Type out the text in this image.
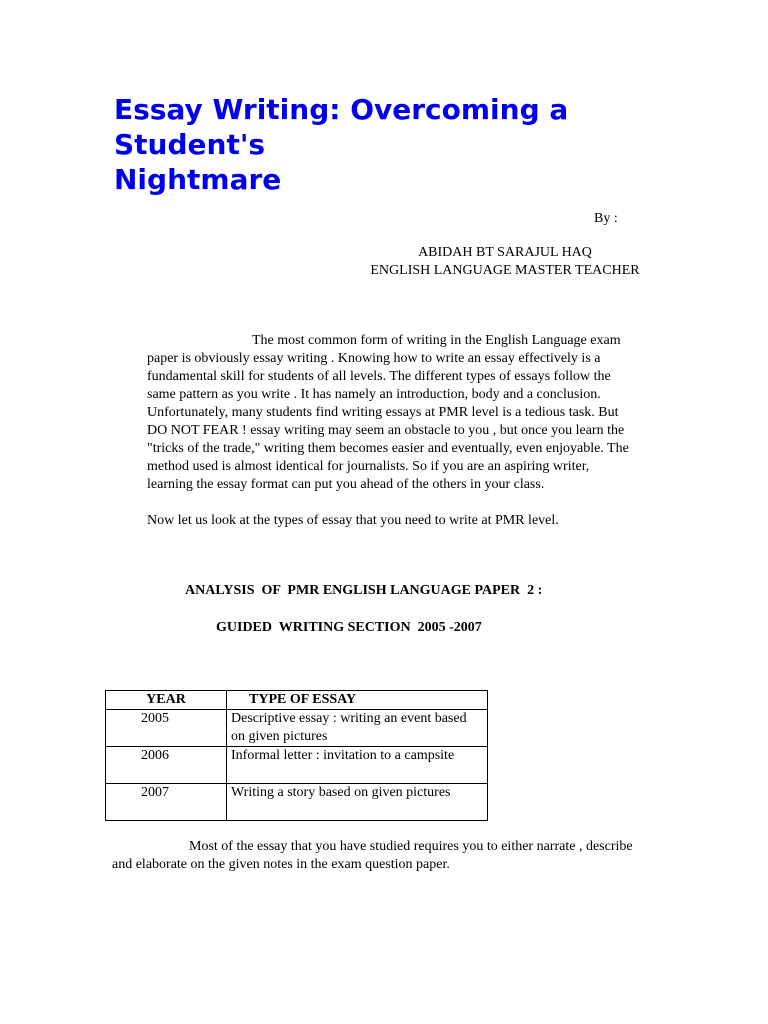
Essay Writing: Overcoming a
Student's
Nightmare
By :
ABIDAH BT SARAJUL HAQ
ENGLISH LANGUAGE MASTER TEACHER

The most common form of writing in the English Language exam
paper is obviously essay writing . Knowing how to write an essay effectively is a
fundamental skill for students of all levels. The different types of essays follow the
same pattern as you write . It has namely an introduction, body and a conclusion.
Unfortunately, many students find writing essays at PMR level is a tedious task. But
DO NOT FEAR ! essay writing may seem an obstacle to you , but once you learn the
"tricks of the trade," writing them becomes easier and eventually, even enjoyable. The
method used is almost identical for journalists. So if you are an aspiring writer,
learning the essay format can put you ahead of the others in your class.

Now let us look at the types of essay that you need to write at PMR level.

ANALYSIS  OF  PMR ENGLISH LANGUAGE PAPER  2 :

GUIDED  WRITING SECTION  2005 -2007

YEAR	TYPE OF ESSAY
2005	Descriptive essay : writing an event based on given pictures
2006	Informal letter : invitation to a campsite
2007	Writing a story based on given pictures

Most of the essay that you have studied requires you to either narrate , describe
and elaborate on the given notes in the exam question paper.
